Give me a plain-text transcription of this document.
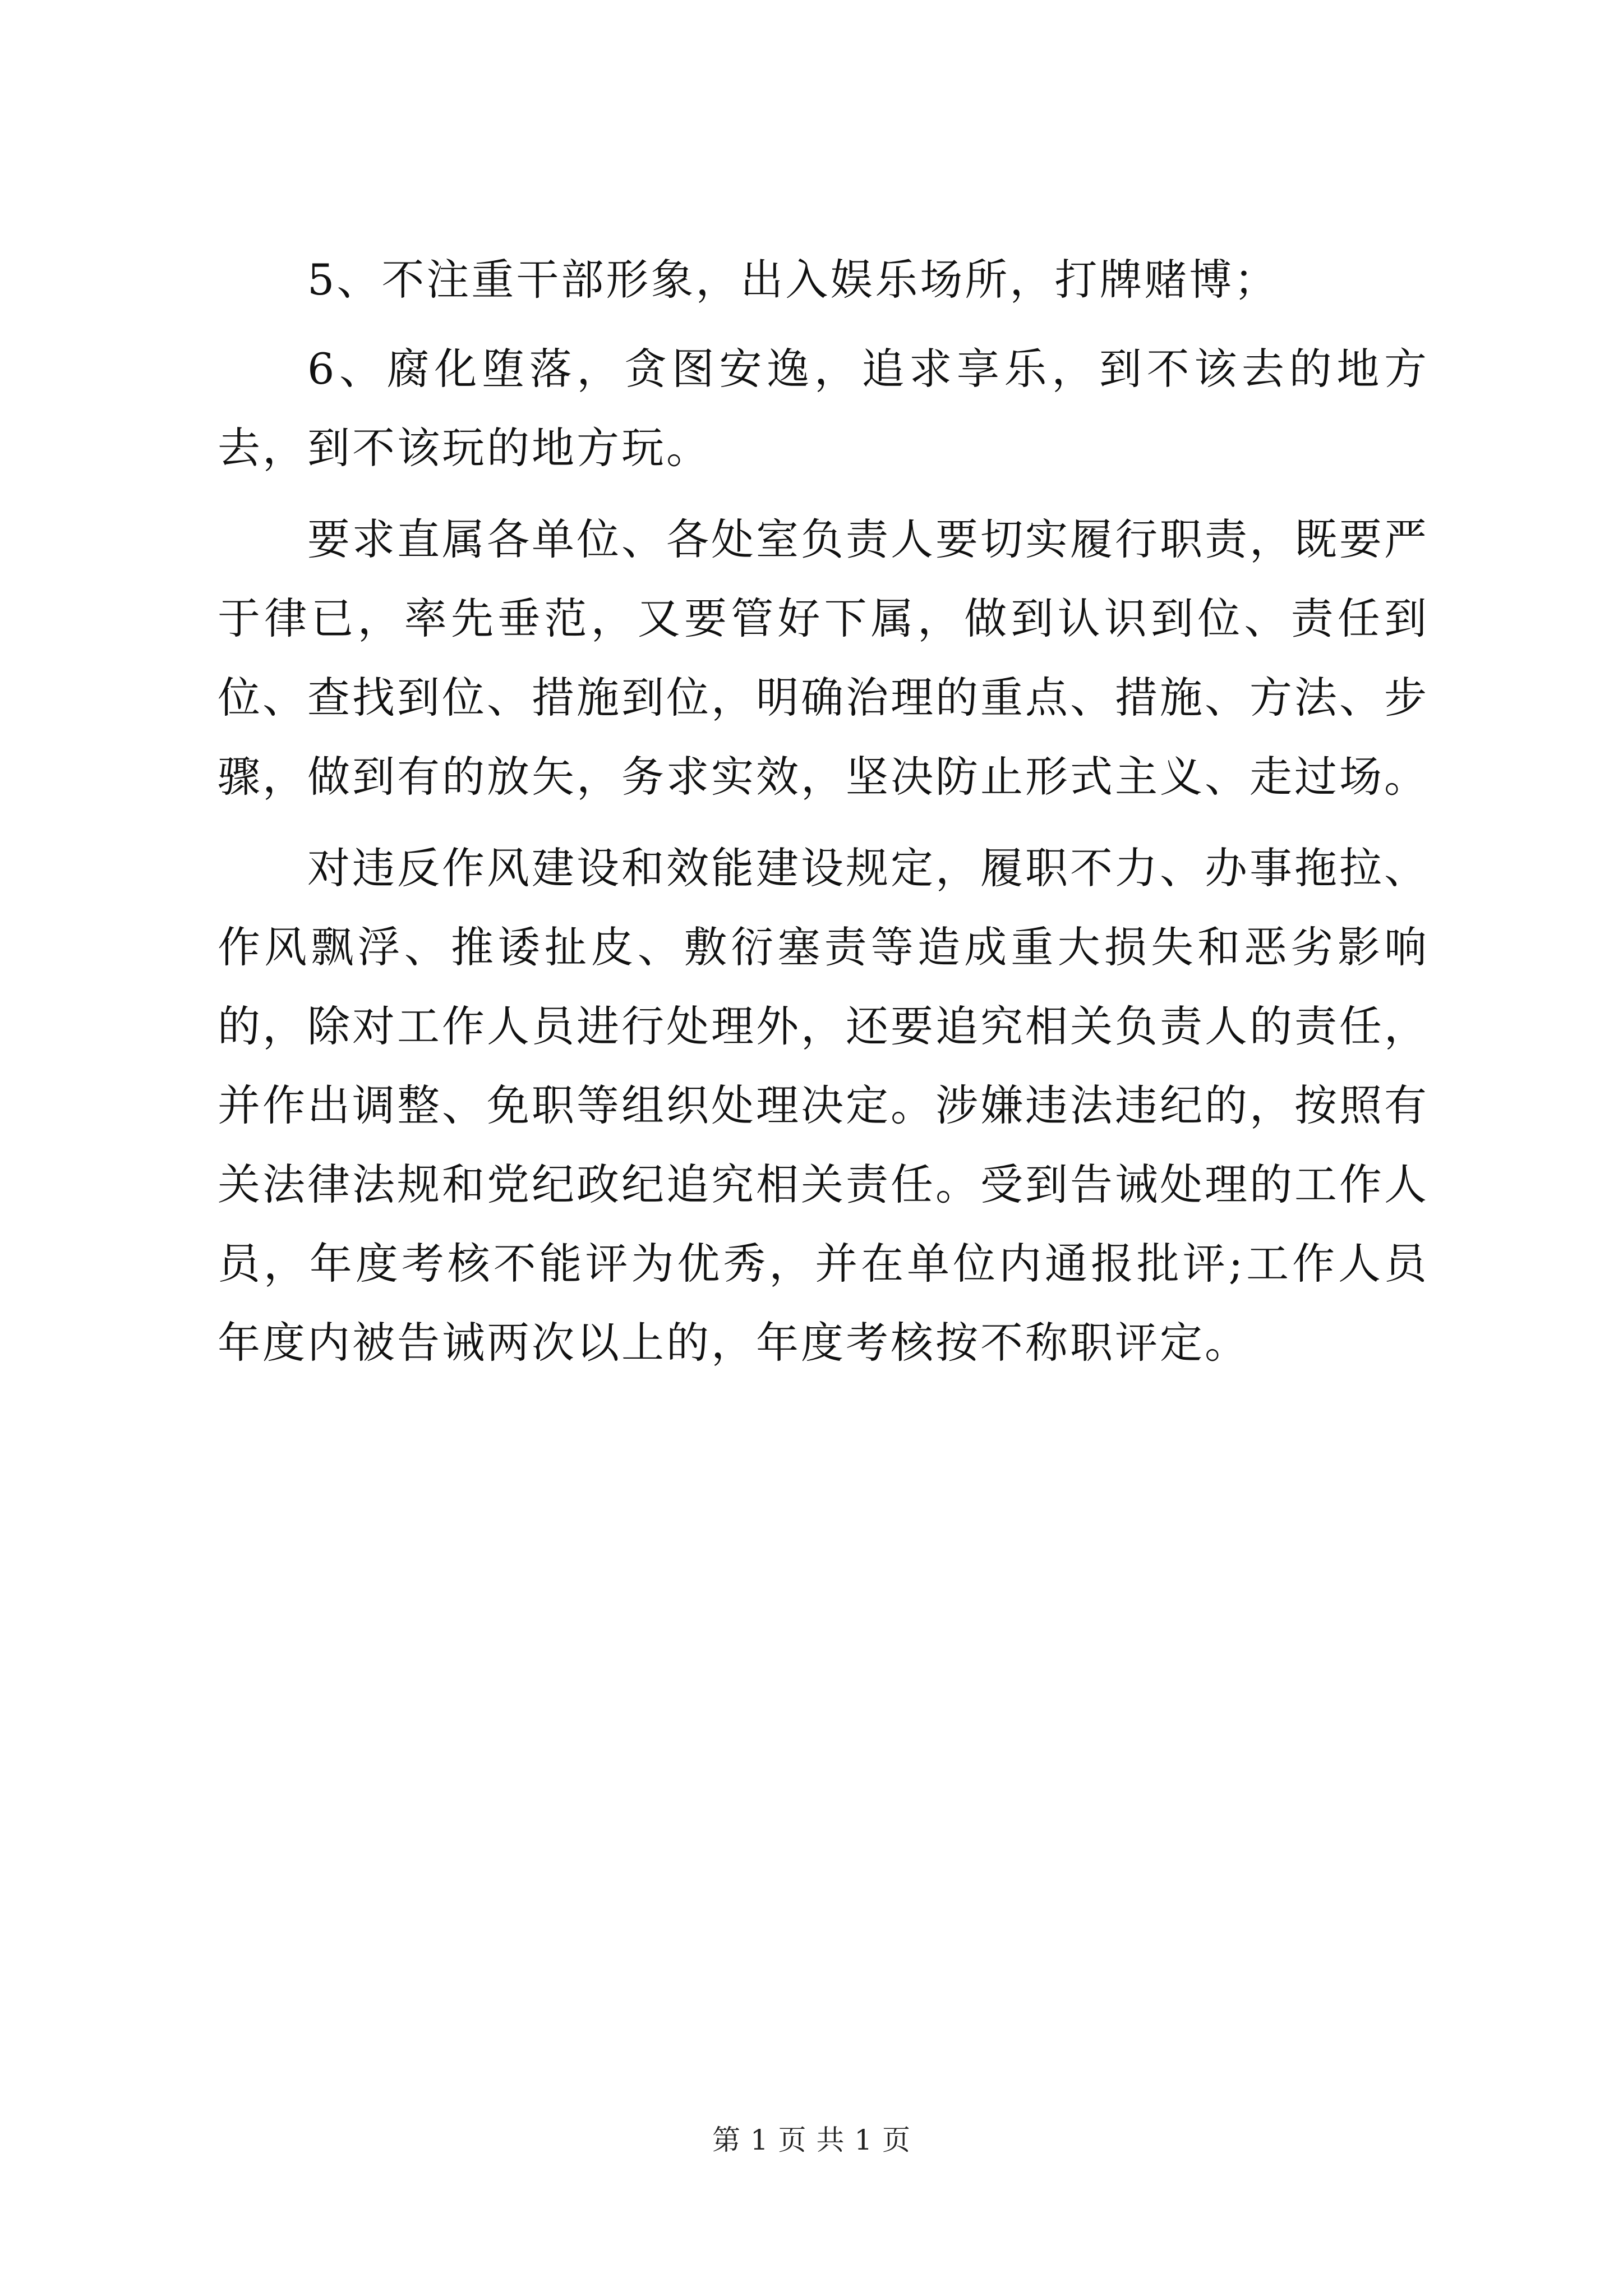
5、不注重干部形象，出入娱乐场所，打牌赌博；

6、腐化堕落，贪图安逸，追求享乐，到不该去的地方去，到不该玩的地方玩。

要求直属各单位、各处室负责人要切实履行职责，既要严于律已，率先垂范，又要管好下属，做到认识到位、责任到位、查找到位、措施到位，明确治理的重点、措施、方法、步骤，做到有的放矢，务求实效，坚决防止形式主义、走过场。

对违反作风建设和效能建设规定，履职不力、办事拖拉、作风飘浮、推诿扯皮、敷衍塞责等造成重大损失和恶劣影响的，除对工作人员进行处理外，还要追究相关负责人的责任，并作出调整、免职等组织处理决定。涉嫌违法违纪的，按照有关法律法规和党纪政纪追究相关责任。受到告诫处理的工作人员，年度考核不能评为优秀，并在单位内通报批评;工作人员年度内被告诫两次以上的，年度考核按不称职评定。

第 1 页 共 1 页
